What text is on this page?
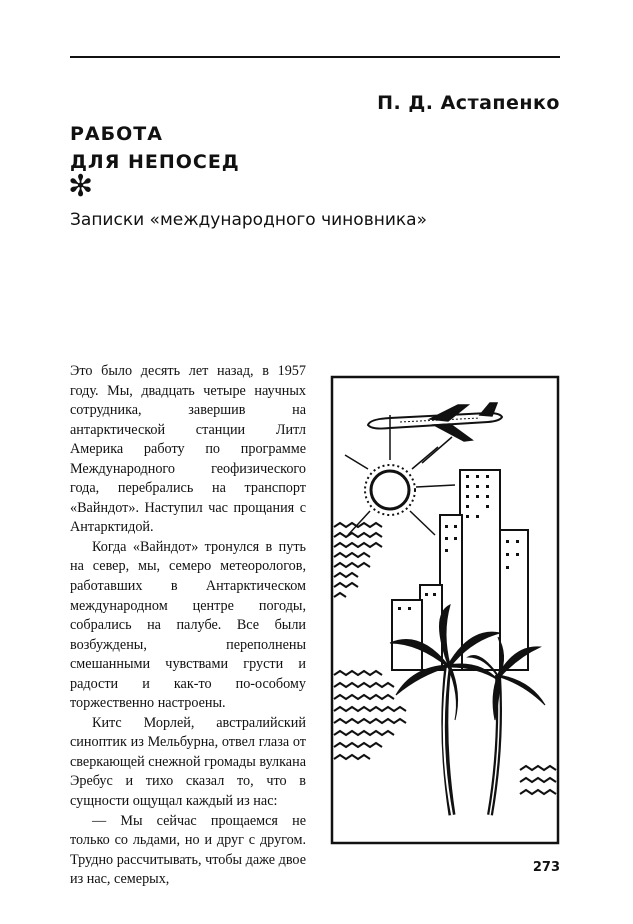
П. Д. Астапенко
РАБОТА
ДЛЯ НЕПОСЕД
✻
Записки «международного чиновника»

Это было десять лет назад, в 1957 году. Мы, двадцать четыре научных сотрудника, завершив на антарктической станции Литл Америка работу по программе Международного геофизического года, перебрались на транспорт «Вайндот». Наступил час прощания с Антарктидой.

Когда «Вайндот» тронулся в путь на север, мы, семеро метеорологов, работавших в Антарктическом международном центре погоды, собрались на палубе. Все были возбуждены, переполнены смешанными чувствами грусти и радости и как-то по-особому торжественно настроены.

Китс Морлей, австралийский синоптик из Мельбурна, отвел глаза от сверкающей снежной громады вулкана Эребус и тихо сказал то, что в сущности ощущал каждый из нас:

— Мы сейчас прощаемся не только со льдами, но и друг с другом. Трудно рассчитывать, чтобы даже двое из нас, семерых,

273
